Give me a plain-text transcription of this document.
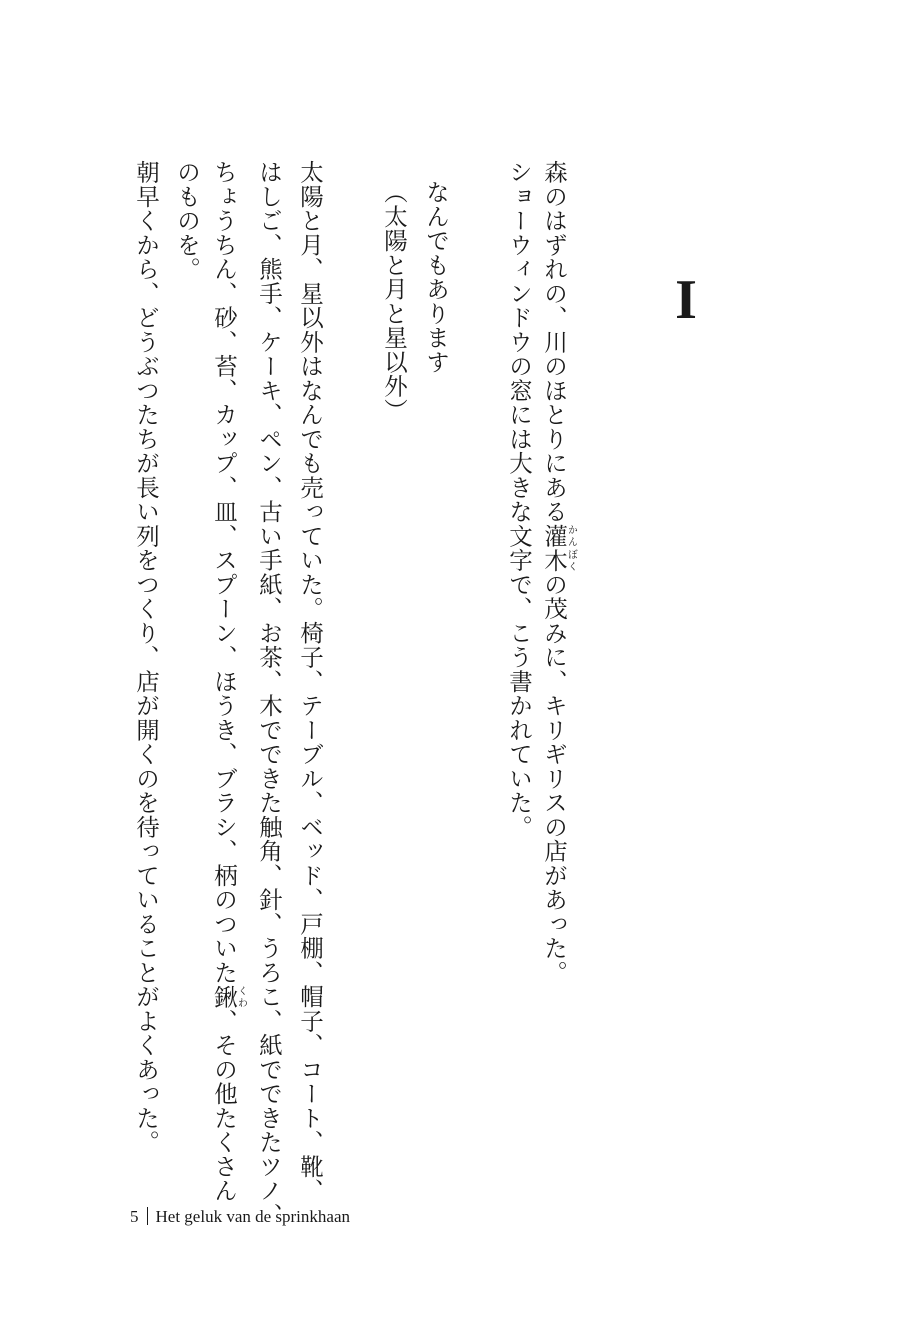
I
森のはずれの、川のほとりにある灌木かんぼくの茂みに、キリギリスの店があった。
ショーウィンドウの窓には大きな文字で、こう書かれていた。
なんでもあります
（太陽と月と星以外）
太陽と月、星以外はなんでも売っていた。椅子、テーブル、ベッド、戸棚、帽子、コート、靴、
はしご、熊手、ケーキ、ペン、古い手紙、お茶、木でできた触角、針、うろこ、紙でできたツノ、
ちょうちん、砂、苔、カップ、皿、スプーン、ほうき、ブラシ、柄のついた鍬くわ、その他たくさん
のものを。
朝早くから、どうぶつたちが長い列をつくり、店が開くのを待っていることがよくあった。
5 Het geluk van de sprinkhaan
